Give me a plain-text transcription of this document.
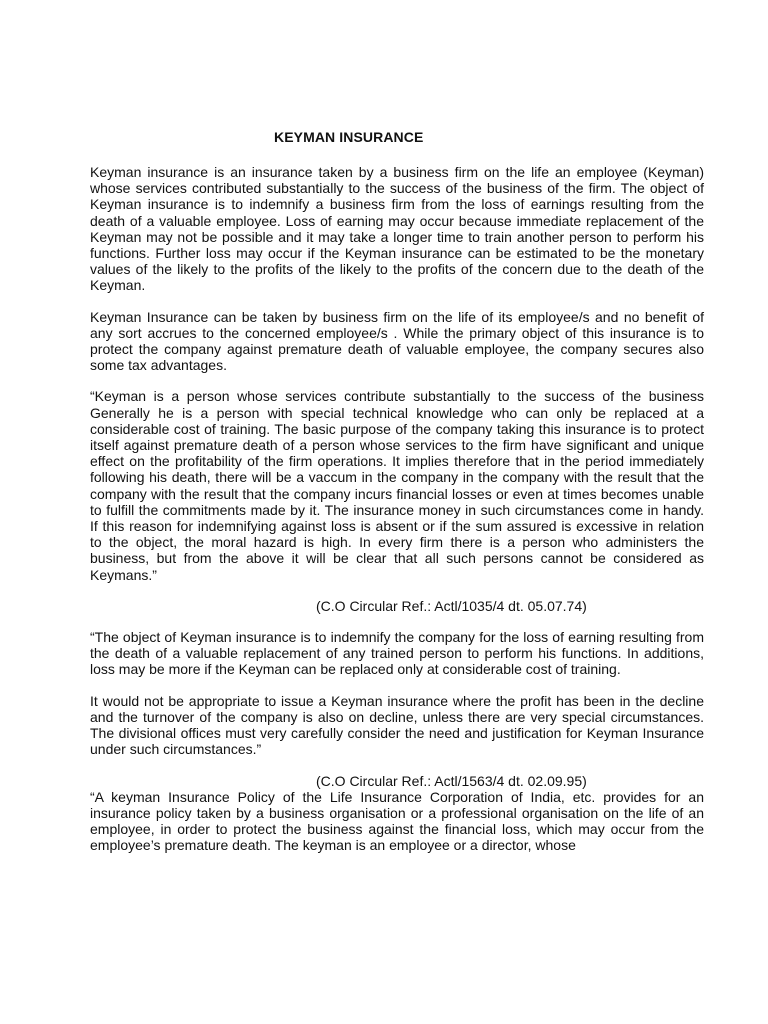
KEYMAN INSURANCE

Keyman insurance is an insurance taken by a business firm on the life an employee (Keyman) whose services contributed substantially to the success of the business of the firm. The object of Keyman insurance is to indemnify a business firm from the loss of earnings resulting from the death of a valuable employee. Loss of earning may occur because immediate replacement of the Keyman may not be possible and it may take a longer time to train another person to perform his functions. Further loss may occur if the Keyman insurance can be estimated to be the monetary values of the likely to the profits of the likely to the profits of the concern due to the death of the Keyman.

Keyman Insurance can be taken by business firm on the life of its employee/s and no benefit of any sort accrues to the concerned employee/s . While the primary object of this insurance is to protect the company against premature death of valuable employee, the company secures also some tax advantages.

“Keyman is a person whose services contribute substantially to the success of the business Generally he is a person with special technical knowledge who can only be replaced at a considerable cost of training. The basic purpose of the company taking this insurance is to protect itself against premature death of a person whose services to the firm have significant and unique effect on the profitability of the firm operations. It implies therefore that in the period immediately following his death, there will be a vaccum in the company in the company with the result that the company with the result that the company incurs financial losses or even at times becomes unable to fulfill the commitments made by it. The insurance money in such circumstances come in handy. If this reason for indemnifying against loss is absent or if the sum assured is excessive in relation to the object, the moral hazard is high. In every firm there is a person who administers the business, but from the above it will be clear that all such persons cannot be considered as Keymans.”

(C.O Circular Ref.: Actl/1035/4 dt. 05.07.74)

“The object of Keyman insurance is to indemnify the company for the loss of earning resulting from the death of a valuable replacement of any trained person to perform his functions. In additions, loss may be more if the Keyman can be replaced only at considerable cost of training.

It would not be appropriate to issue a Keyman insurance where the profit has been in the decline and the turnover of the company is also on decline, unless there are very special circumstances. The divisional offices must very carefully consider the need and justification for Keyman Insurance under such circumstances.”

(C.O Circular Ref.: Actl/1563/4 dt. 02.09.95)

“A keyman Insurance Policy of the Life Insurance Corporation of India, etc. provides for an insurance policy taken by a business organisation or a professional organisation on the life of an employee, in order to protect the business against the financial loss, which may occur from the employee’s premature death. The keyman is an employee or a director, whose
